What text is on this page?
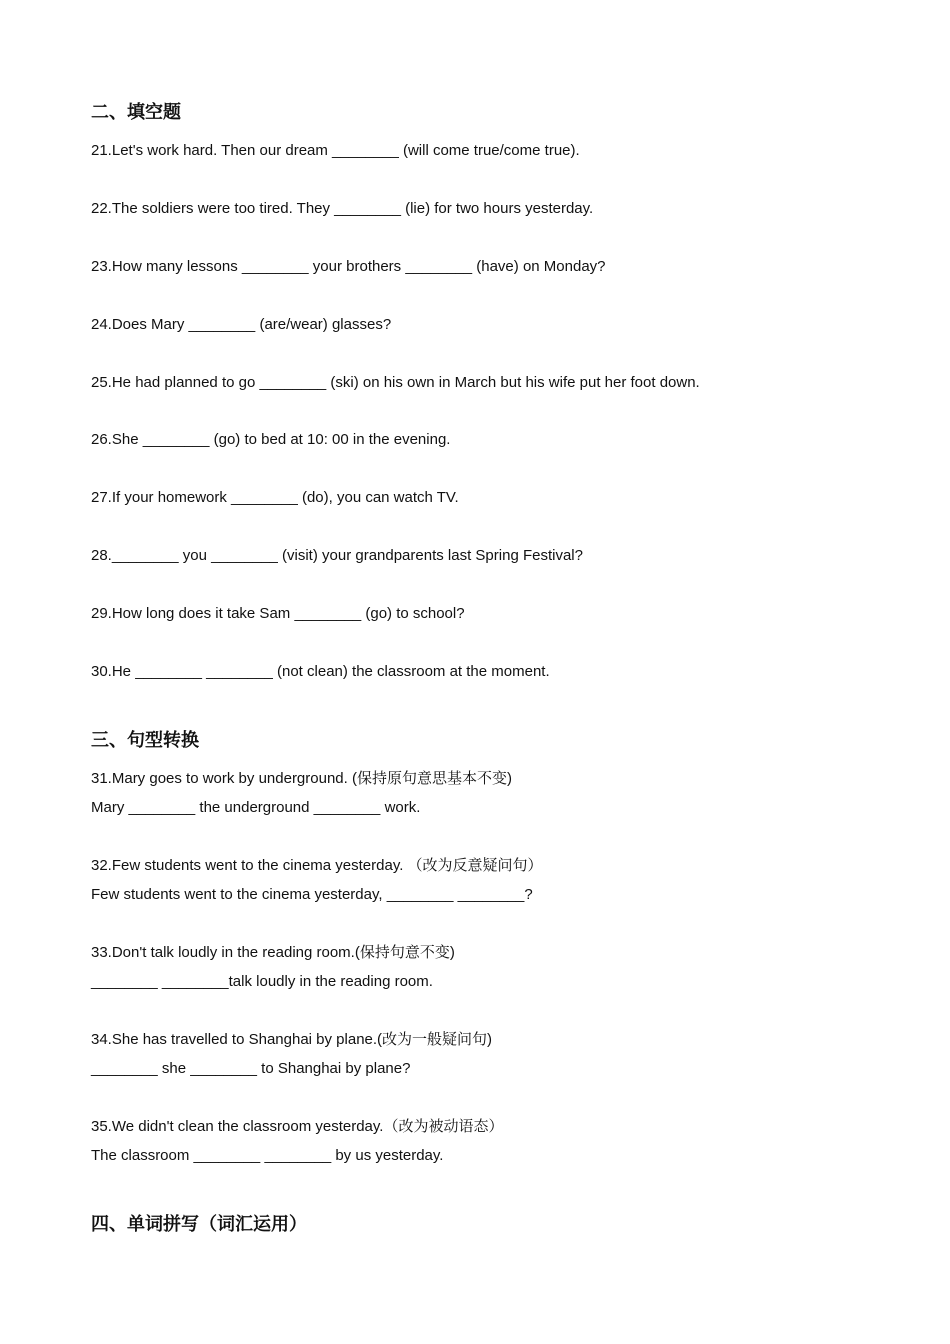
二、填空题
21.Let's work hard. Then our dream ________ (will come true/come true).
22.The soldiers were too tired. They ________ (lie) for two hours yesterday.
23.How many lessons ________ your brothers ________ (have) on Monday?
24.Does Mary ________ (are/wear) glasses?
25.He had planned to go ________ (ski) on his own in March but his wife put her foot down.
26.She ________ (go) to bed at 10: 00 in the evening.
27.If your homework ________ (do), you can watch TV.
28.________ you ________ (visit) your grandparents last Spring Festival?
29.How long does it take Sam ________ (go) to school?
30.He ________ ________ (not clean) the classroom at the moment.
三、句型转换
31.Mary goes to work by underground. (保持原句意思基本不变)
Mary ________ the underground ________ work.
32.Few students went to the cinema yesterday. （改为反意疑问句）
Few students went to the cinema yesterday, ________ ________?
33.Don't talk loudly in the reading room.(保持句意不变)
________ ________talk loudly in the reading room.
34.She has travelled to Shanghai by plane.(改为一般疑问句)
________ she ________ to Shanghai by plane?
35.We didn't clean the classroom yesterday.（改为被动语态）
The classroom ________ ________ by us yesterday.
四、单词拼写（词汇运用）
